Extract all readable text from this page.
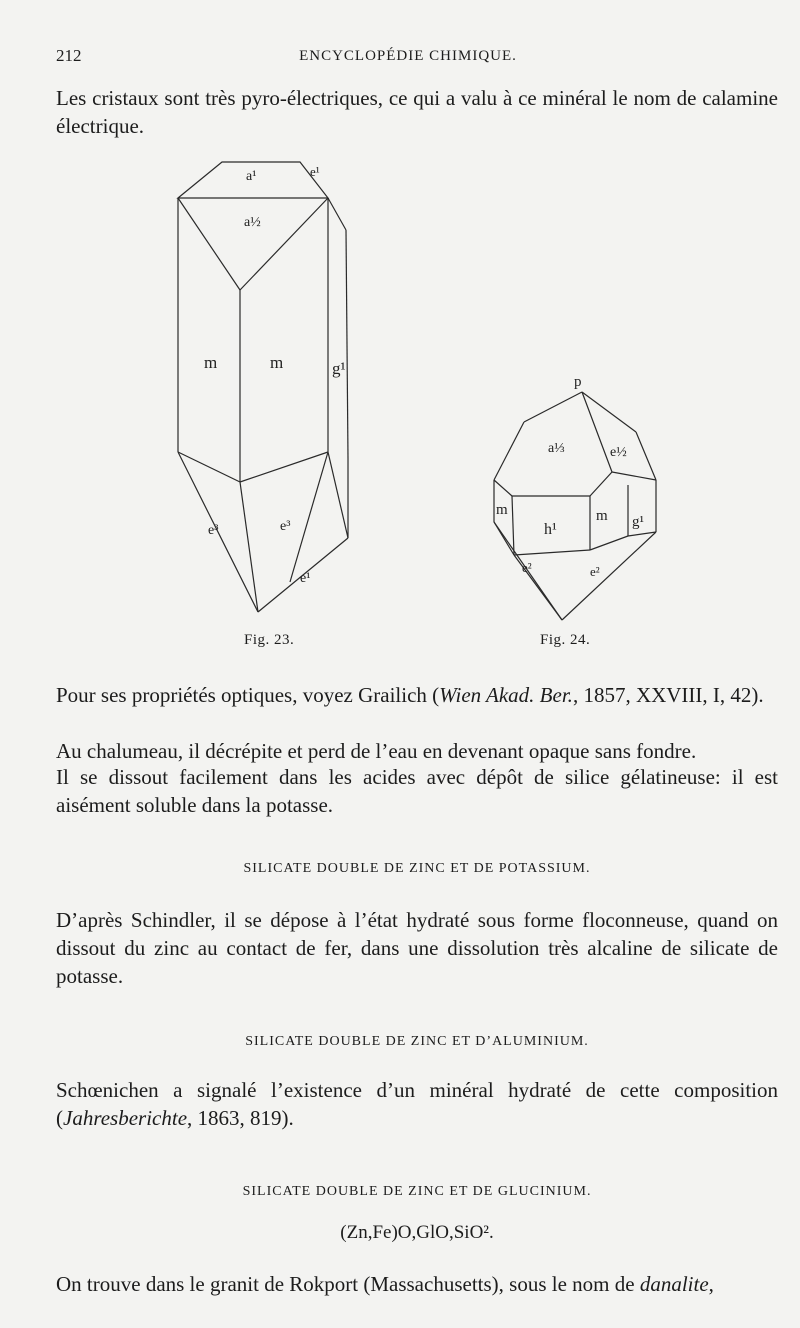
212	ENCYCLOPÉDIE CHIMIQUE.
Les cristaux sont très pyro-électriques, ce qui a valu à ce minéral le nom de calamine électrique.
a¹	e¹
a½
m	m	g¹
e³	e³
e¹
p
a⅓	e½
m
h¹
m g¹
e²	e²
Fig. 23.	Fig. 24.
Pour ses propriétés optiques, voyez Grailich (Wien Akad. Ber., 1857, XXVIII, I, 42).
Au chalumeau, il décrépite et perd de l’eau en devenant opaque sans fondre.
Il se dissout facilement dans les acides avec dépôt de silice gélatineuse: il est aisément soluble dans la potasse.
SILICATE DOUBLE DE ZINC ET DE POTASSIUM.
D’après Schindler, il se dépose à l’état hydraté sous forme floconneuse, quand on dissout du zinc au contact de fer, dans une dissolution très alcaline de silicate de potasse.
SILICATE DOUBLE DE ZINC ET D’ALUMINIUM.
Schœnichen a signalé l’existence d’un minéral hydraté de cette composition (Jahresberichte, 1863, 819).
SILICATE DOUBLE DE ZINC ET DE GLUCINIUM.
(Zn,Fe)O,GlO,SiO².
On trouve dans le granit de Rokport (Massachusetts), sous le nom de danalite,
